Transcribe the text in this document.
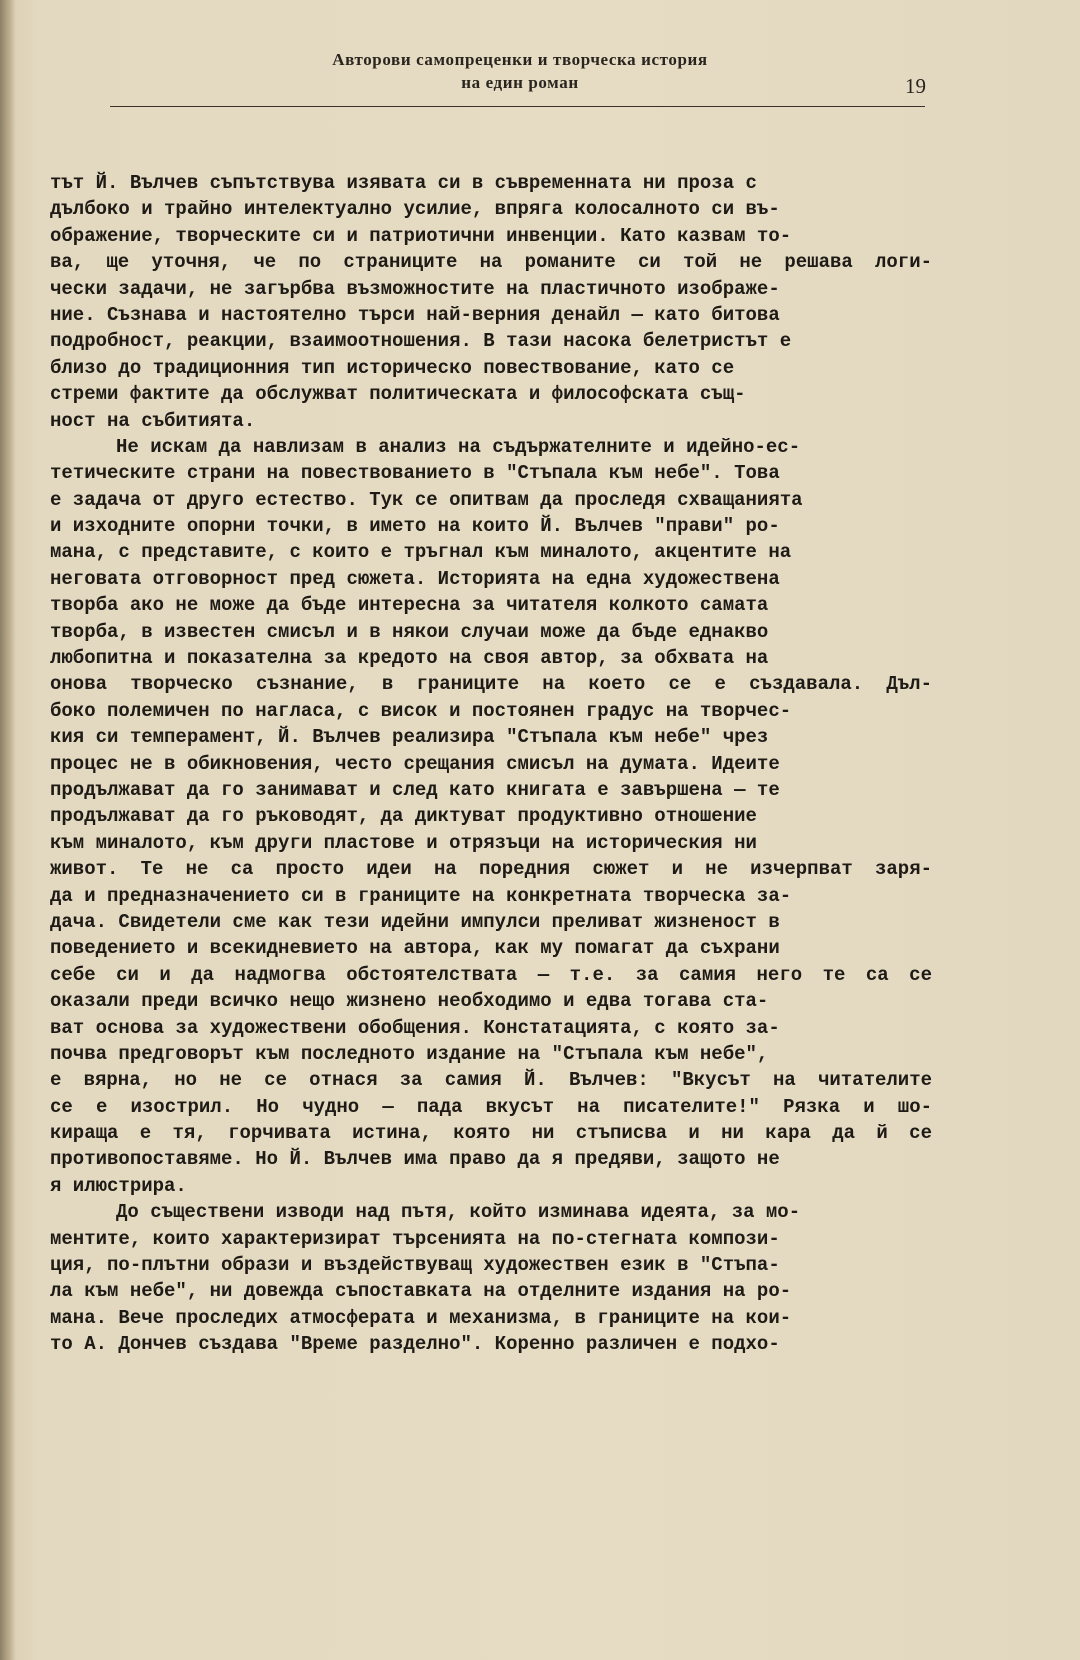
Авторови самопреценки и творческа история
на един роман	19
тът Й. Вълчев съпътствува изявата си в съвременната ни проза с
дълбоко и трайно интелектуално усилие, впряга колосалното си въ-
ображение, творческите си и патриотични инвенции. Като казвам то-
ва, ще уточня, че по страниците на романите си той не решава логи-
чески задачи, не загърбва възможностите на пластичното изображе-
ние. Съзнава и настоятелно търси най-верния денайл — като битова
подробност, реакции, взаимоотношения. В тази насока белетристът е
близо до традиционния тип историческо повествование, като се
стреми фактите да обслужват политическата и философската същ-
ност на събитията.
Не искам да навлизам в анализ на съдържателните и идейно-ес-
тетическите страни на повествованието в "Стъпала към небе". Това
е задача от друго естество. Тук се опитвам да проследя схващанията
и изходните опорни точки, в името на които Й. Вълчев "прави" ро-
мана, с представите, с които е тръгнал към миналото, акцентите на
неговата отговорност пред сюжета. Историята на една художествена
творба ако не може да бъде интересна за читателя колкото самата
творба, в известен смисъл и в някои случаи може да бъде еднакво
любопитна и показателна за кредото на своя автор, за обхвата на
онова творческо съзнание, в границите на което се е създавала. Дъл-
боко полемичен по нагласа, с висок и постоянен градус на творчес-
кия си темперамент, Й. Вълчев реализира "Стъпала към небе" чрез
процес не в обикновения, често срещания смисъл на думата. Идеите
продължават да го занимават и след като книгата е завършена — те
продължават да го ръководят, да диктуват продуктивно отношение
към миналото, към други пластове и отрязъци на историческия ни
живот. Те не са просто идеи на поредния сюжет и не изчерпват заря-
да и предназначението си в границите на конкретната творческа за-
дача. Свидетели сме как тези идейни импулси преливат жизненост в
поведението и всекидневието на автора, как му помагат да съхрани
себе си и да надмогва обстоятелствата — т.е. за самия него те са се
оказали преди всичко нещо жизнено необходимо и едва тогава ста-
ват основа за художествени обобщения. Констатацията, с която за-
почва предговорът към последното издание на "Стъпала към небе",
е вярна, но не се отнася за самия Й. Вълчев: "Вкусът на читателите
се е изострил. Но чудно — пада вкусът на писателите!" Рязка и шо-
кираща е тя, горчивата истина, която ни стъписва и ни кара да й се
противопоставяме. Но Й. Вълчев има право да я предяви, защото не
я илюстрира.
До съществени изводи над пътя, който изминава идеята, за мо-
ментите, които характеризират търсенията на по-стегната компози-
ция, по-плътни образи и въздействуващ художествен език в "Стъпа-
ла към небе", ни довежда съпоставката на отделните издания на ро-
мана. Вече проследих атмосферата и механизма, в границите на кои-
то А. Дончев създава "Време разделно". Коренно различен е подхо-
